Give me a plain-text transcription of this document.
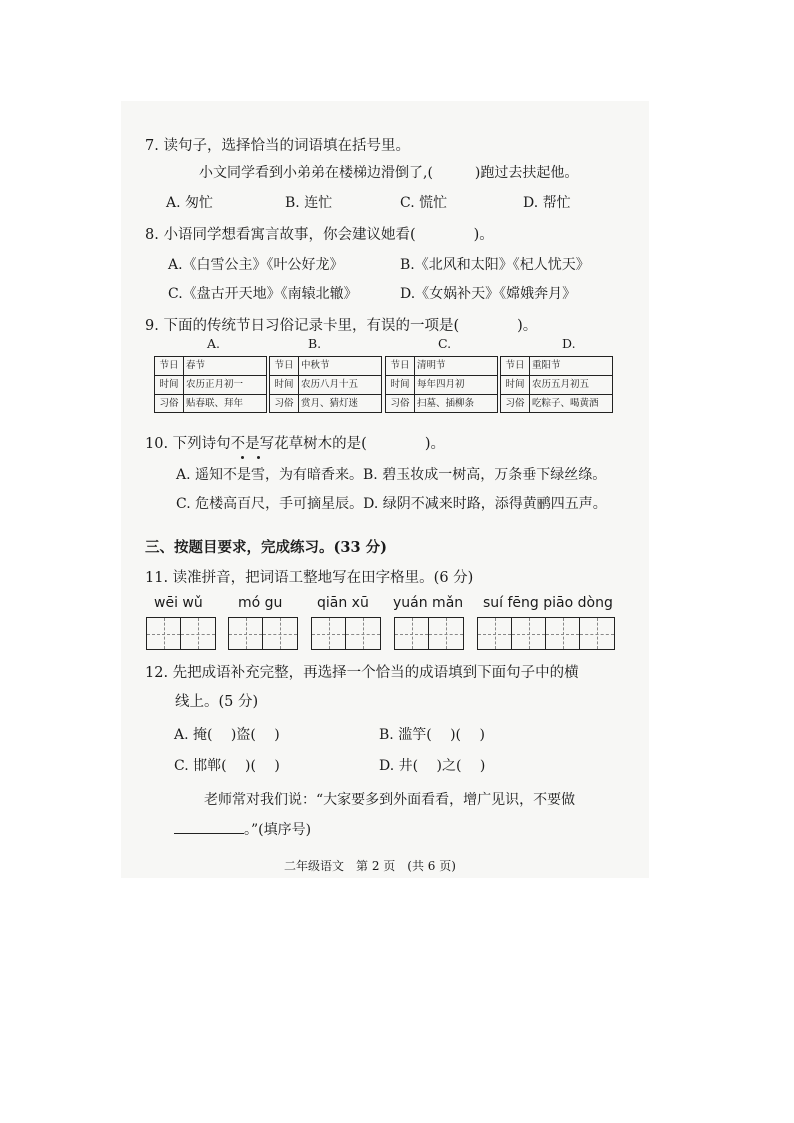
7. 读句子，选择恰当的词语填在括号里。
小文同学看到小弟弟在楼梯边滑倒了,(　　　)跑过去扶起他。
A. 匆忙	B. 连忙	C. 慌忙	D. 帮忙
8. 小语同学想看寓言故事，你会建议她看(　　　　)。
A.《白雪公主》《叶公好龙》	B.《北风和太阳》《杞人忧天》
C.《盘古开天地》《南辕北辙》	D.《女娲补天》《嫦娥奔月》
9. 下面的传统节日习俗记录卡里，有误的一项是(　　　　)。
A.	B.	C.	D.
节日 春节
时间 农历正月初一
习俗 贴春联、拜年
节日 中秋节
时间 农历八月十五
习俗 赏月、猜灯迷
节日 清明节
时间 每年四月初
习俗 扫墓、插柳条
节日 重阳节
时间 农历五月初五
习俗 吃粽子、喝黄酒
10. 下列诗句不是写花草树木的是(　　　　)。
A. 遥知不是雪，为有暗香来。B. 碧玉妆成一树高，万条垂下绿丝绦。
C. 危楼高百尺，手可摘星辰。D. 绿阴不减来时路，添得黄鹂四五声。
三、按题目要求，完成练习。(33 分)
11. 读准拼音，把词语工整地写在田字格里。(6 分)
wēi wǔ	mó gu qiān xū yuán mǎn suí fēng piāo dòng
12. 先把成语补充完整，再选择一个恰当的成语填到下面句子中的横
线上。(5 分)
A. 掩(　 )盗(　 )	B. 滥竽(　 )(　 )
C. 邯郸(　 )(　 )	D. 井(　 )之(　 )
老师常对我们说：“大家要多到外面看看，增广见识，不要做
。”(填序号)
二年级语文　第 2 页　(共 6 页)
